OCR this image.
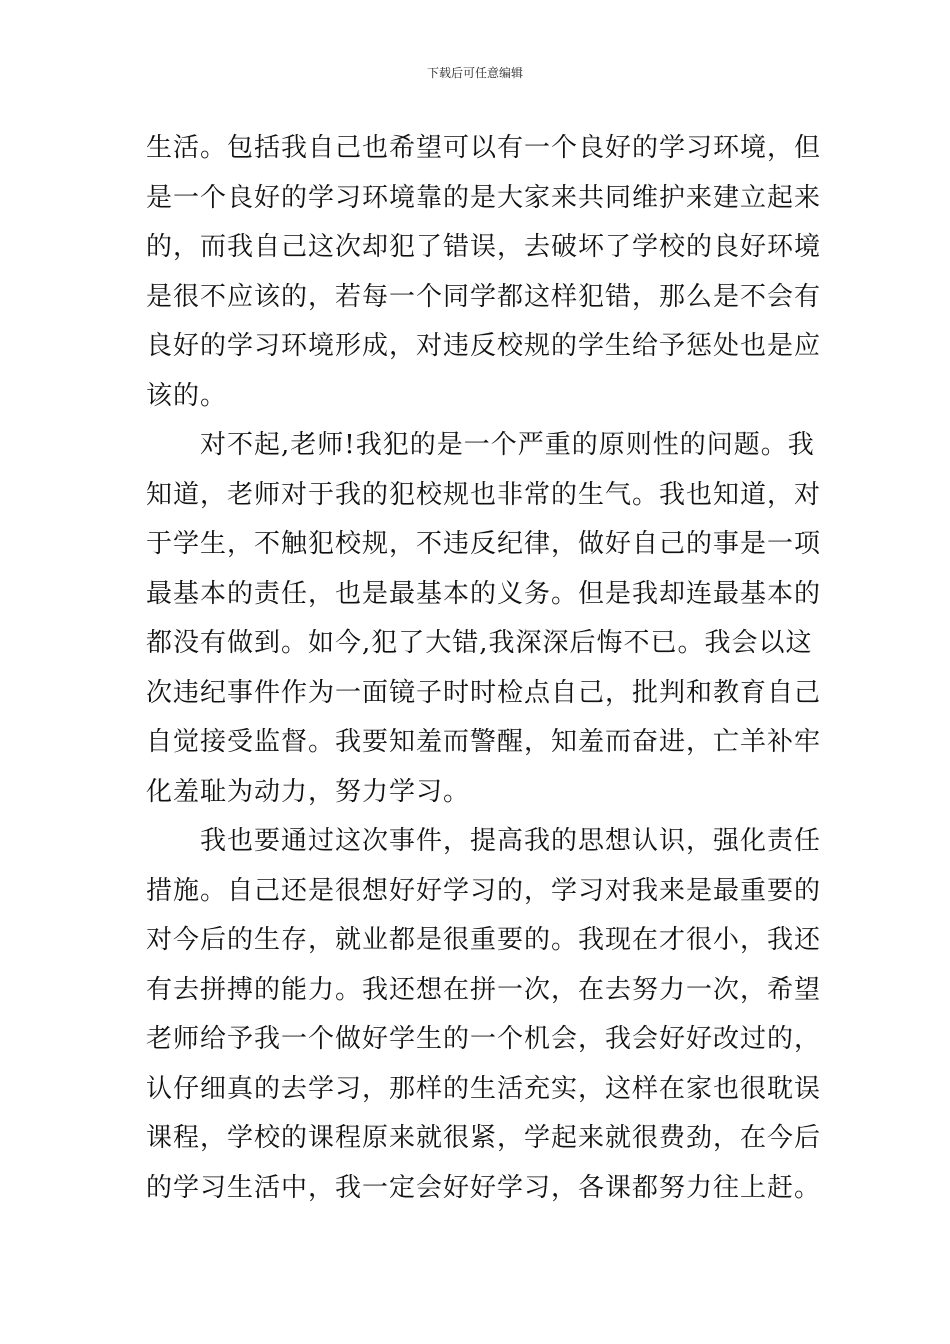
下载后可任意编辑
生活。包括我自己也希望可以有一个良好的学习环境，但
是一个良好的学习环境靠的是大家来共同维护来建立起来
的，而我自己这次却犯了错误，去破坏了学校的良好环境
是很不应该的，若每一个同学都这样犯错，那么是不会有
良好的学习环境形成，对违反校规的学生给予惩处也是应
该的。
对不起,老师!我犯的是一个严重的原则性的问题。我
知道，老师对于我的犯校规也非常的生气。我也知道，对
于学生，不触犯校规，不违反纪律，做好自己的事是一项
最基本的责任，也是最基本的义务。但是我却连最基本的
都没有做到。如今,犯了大错,我深深后悔不已。我会以这
次违纪事件作为一面镜子时时检点自己，批判和教育自己
自觉接受监督。我要知羞而警醒，知羞而奋进，亡羊补牢
化羞耻为动力，努力学习。
我也要通过这次事件，提高我的思想认识，强化责任
措施。自己还是很想好好学习的，学习对我来是最重要的
对今后的生存，就业都是很重要的。我现在才很小，我还
有去拼搏的能力。我还想在拼一次，在去努力一次，希望
老师给予我一个做好学生的一个机会，我会好好改过的，
认仔细真的去学习，那样的生活充实，这样在家也很耽误
课程，学校的课程原来就很紧，学起来就很费劲，在今后
的学习生活中，我一定会好好学习，各课都努力往上赶。
